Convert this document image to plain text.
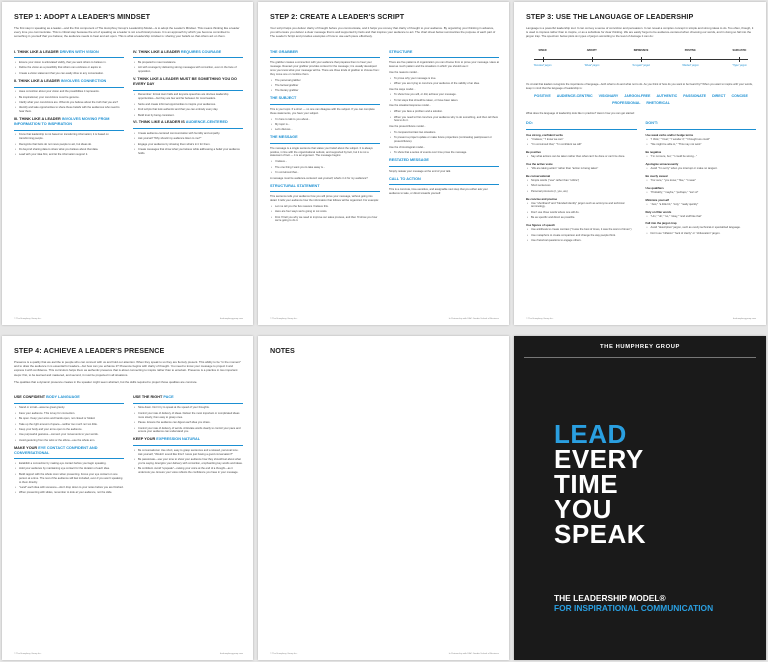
STEP 1: ADOPT A LEADER'S MINDSET
The first step in speaking as a leader—and the first component of The Humphrey Group's Leadership Model—is to adopt the Leader's Mindset. This means thinking like a leader every time you communicate. This is critical step because the art of speaking as a leader is not a technical process. It is an approach by which you become committed to something in yourself that you believe; the audience needs to hear and act upon. This is what a leadership mindset is: sharing your beliefs so that others act on them.
I. THINK LIKE A LEADER DRIVEN WITH VISION
• Ensure your vision is articulated visibly, that you want others to believe in.
• Define the vision as a possibility that others can embrace or aspire to.
• Create a vision statement that you can easily drive to any conversation.
II. THINK LIKE A LEADER INVOLVES CONNECTION
• Have conviction about your vision and the possibilities it represents.
• Be inspirational; your convictions must be genuine.
• Clarify what your convictions are. What do you believe about the truth that you are?
• Identify and take opportunities to share these beliefs with the audiences who need to hear them.
III. THINK LIKE A LEADER INVOLVES MOVING FROM INFORMATION TO INSPIRATION
• Know that leadership is not based on transferring information; it is based on transforming people.
• Recognize that facts do not move people to act, but ideas do.
• Do beyond sharing data to share what you believe about that data.
• Lead with your idea first, and let the information support it.
IV. THINK LIKE A LEADER REQUIRES COURAGE
• Be prepared to meet resistance.
• Act with courage by delivering strong messages with conviction, even in the face of opposition.
V. THINK LIKE A LEADER MUST BE SOMETHING YOU DO EVERY DAY
• Remember: formal town halls and keynote speeches are obvious leadership opportunities—but they are few and far between for most leaders.
• Seize and create informal opportunities to inspire your audiences.
• Find scripts that look authentic and that you can embody every day.
• Build trust by being consistent.
VI. THINK LIKE A LEADER IS AUDIENCE-CENTERED
• Create audience-centered communication with humility and empathy.
• Ask yourself "Why should my audience listen to me?"
• Engage your audience by showing them what's in it for them.
• Create messages that show what you believe while addressing a belief your audience holds.
© The Humphrey Group Inc.	thehumphreygroup.com
STEP 2: CREATE A LEADER'S SCRIPT
Your script helps you deliver clarity of thought before you communicate, and it helps you convey that clarity of thought to your audience. By organizing your thinking in advance, you will ensure you deliver a clear message that is well supported by facts and that inspires your audience to act. The chart sheet below summarizes the purpose of each part of The Leader's Script and provides examples of how to use each piece effectively.
THE GRABBER
The grabber creates a connection with your audience that prepares them to hear your message. Reenact your grabber provides context for the message; it is usually developed once you know what your message will be. There are three kinds of grabber to choose from: they move one or combine them.
• The personal grabber
• The factual grabber
• The literary grabber
THE SUBJECT
This is your topic. If a short — no one can disagree with the subject. If you can complete these statements, you have your subject.
• I'm here to talk to you about...
• My topic is...
• Let's discuss...
THE MESSAGE
The message is a single sentence that states your belief about the subject. It is always positive, in line with the organizational outlook, and supported by fact, but it is not a statement of fact — it is an argument. The message begins:
• I believe...
• The one thing I want you to take away is...
• I'm convinced that...
A message must be audience-centered: ask yourself, what's in it for my audience?
STRUCTURAL STATEMENT
This sentence tells your audience how you will prove your message, without going into detail. It tells your audience how the information that follows will be organized. For example:
• Let me tell you the five reasons I believe this.
• Here are four ways we're going to cut costs.
• First I'll tell you why we need to improve our sales process, and then I'll show you how we're going to do it.
STRUCTURE
There are five patterns of organization you can choose from to prove your message. Have at least as much pattern and the situations in which you should use it:
Use the reasons model...
• To prove why your message is true.
• When you are trying to convince your audience of the validity of an idea.
Use the ways model...
• To show how you will, or did, achieve your message.
• To list steps that should be taken, or have been taken.
Use the situation/response model...
• When you face a problem and a solution.
• When you need to first convince your audience why to do something, and then tell them how to do it.
Use the present/future model...
• To compare/contrast two situations.
• To present a project update or make future projections (contrasting past/present or present/future).
Use the chronological model...
• To show that a series of events over time prove the message.
RESTATED MESSAGE
Simply restate your message at the end of your talk.
CALL TO ACTION
This is a concrete, time-sensitive, and assignable next step that you either ask your audience to take, or direct towards yourself.
© The Humphrey Group Inc.	In Partnership with DAC Goodie School of Business
STEP 3: USE THE LANGUAGE OF LEADERSHIP
Language is a powerful leadership tool. It can convey a sense of conviction and persuasion. It can reveal a complex concept in simple and strong ideas to do. Too often, though, it is used to impress rather than to inspire, or as a substitute for clear thinking. We are easily forget to be audience-centered when choosing our words, and in doing so fail into the jargon trap. The spectrum below plots six types of jargon according to the level of damage it can do:
SPEED
"Directed" jargon
ABRUPT
"Ritual" jargon
IMPRESSIVE
"Arrogant" jargon
POSITIVE
"Marked" jargon
SARCASTIC
"Hype" jargon
It's crucial that leaders recognize the importance of language—both what to do and what not to do. As you think of how do you want to be heard by? When you want to inspire with your words, keep in mind that the language of leadership is:
POSITIVE AUDIENCE-CENTRIC VISIONARY JARGON-FREE AUTHENTIC PASSIONATE DIRECT CONCISE
PROFESSIONAL RHETORICAL
What does the language of leadership look like in practice? Here's how you can get started:
DO:
Use strong, confident verbs
• "I believe," "I know we can"
• "I'm convinced that," "I'm confident we will"
Be positive
• Say what actions can be taken rather than what can't be done or can't be done.
Use the active voice
• "We are taking action" rather than "action is being taken"
Be conversational
• Simple words ("use" rather than "utilize")
• Short sentences
• Personal pronouns (I, you, we)
Be concise and precise
• Use "shorthand" and "blended identity" jargon such as acronyms and technical terminology.
• Don't use three words where one will do.
• Be as specific and direct as possible.
Use figures of speech
• Use antithesis to create contrast ("It was the best of times, it was the worst of times")
• Use metaphors to create comparison and change the way people think.
• Use rhetorical questions to engage others.
DON'T:
Use weak verbs and/or hedge terms
• "I think," "I feel," "I wonder if," "I thought we could"
• "We might be able to," "This may not work"
Be negative
• "I'm not sure, but," "I could be wrong..."
Apologize unnecessarily
• Avoid "I'm sorry" when you interrupt or make no tangent.
Be overly casual
• "For sure," "you know," "like," "I mean"
Use qualifiers
• "Probably," "maybe," "perhaps," "sort of"
Minimize yourself
• "Just," "a little bit," "only," "really quickly"
Rely on filler words
• "Um," "uh," "so," "okay," "and stuff like that"
Fall into the jargon trap
• Avoid "descriptive" jargon, such as overly technical or specialized language.
• Don't use "inflation" "lack of clarity" or "obfuscation" jargon.
© The Humphrey Group Inc.	thehumphreygroup.com
STEP 4: ACHIEVE A LEADER'S PRESENCE
Presence is a quality that we ascribe to people who can connect with us and hold our attention. When they speak to us they are fiercely present. This ability to be "in the moment" and to draw the audience in is essential for leaders—but how can you enhance it? Presence begins with clarity of thought. You need to know your message to project it and express it with confidence. This curriculum helps them as authentic presence that is about connecting to inspire rather than to entertain. Presence is a practice in two important steps: first, to be learned and mastered, and second, it must be projected in all situations.
The qualities that a dynamic presence creates in the speaker might seem abstract, but the skills required to project those qualities are concrete.
USE CONFIDENT BODY LANGUAGE
• Stand or sit tall—assume great gravity.
• Face your audience. This is key for connection.
• Be open. Keep your arms and hands open, not closed or folded.
• Take up the right amount of space—neither too much nor too little.
• Keep your body and your arms open to the audience.
• Use purposeful gestures—connect your movements to your words.
• Avoid gesturing from the wrist or the elbow—use the whole arm.
MAKE YOUR EYE CONTACT CONFIDENT AND CONVERSATIONAL
• Establish a connection by making eye contact before you begin speaking.
• Hold your audience by maintaining eye contact for the duration of each idea.
• Build rapport with the whole room when presenting. Focus your eye contact on one person at a time. The rest of the audience will feel included, even if you aren't speaking to them directly.
• "Land" each idea with someone—don't drop down to your notes before you are finished.
• When presenting with slides, remember to look at your audience, not the slide.
USE THE RIGHT PACE
• Slow down. Don't try to speak at the speed of your thoughts.
• Control your rate of delivery of ideas. Deliver the most important or complicated ideas more slowly, then easy to grasp ones.
• Pause. Ensure the audience can digest each idea you share.
• Control your rate of delivery of words. Articulate words clearly to control your pace and ensure your audience can understand you.
KEEP YOUR EXPRESSION NATURAL
• Be conversational. Use short, easy to grasp sentences and a relaxed, personal tone. Ask yourself, "Would I sound like this if I were just having a good conversation?"
• Be passionate—use your tone to show your audience how they should feel about what you're saying. Energize your delivery with conviction, emphasizing key words and ideas.
• Be confident. Avoid "upspeak"—raising your voice at the end of a thought—as it undercuts you. Ensure your voice reflects the confidence you have in your message.
© The Humphrey Group Inc.	thehumphreygroup.com
NOTES
© The Humphrey Group Inc.	In Partnership with DAC Goodie School of Business
THE HUMPHREY GROUP
LEAD
EVERY
TIME
YOU
SPEAK
THE LEADERSHIP MODEL®
FOR INSPIRATIONAL COMMUNICATION
